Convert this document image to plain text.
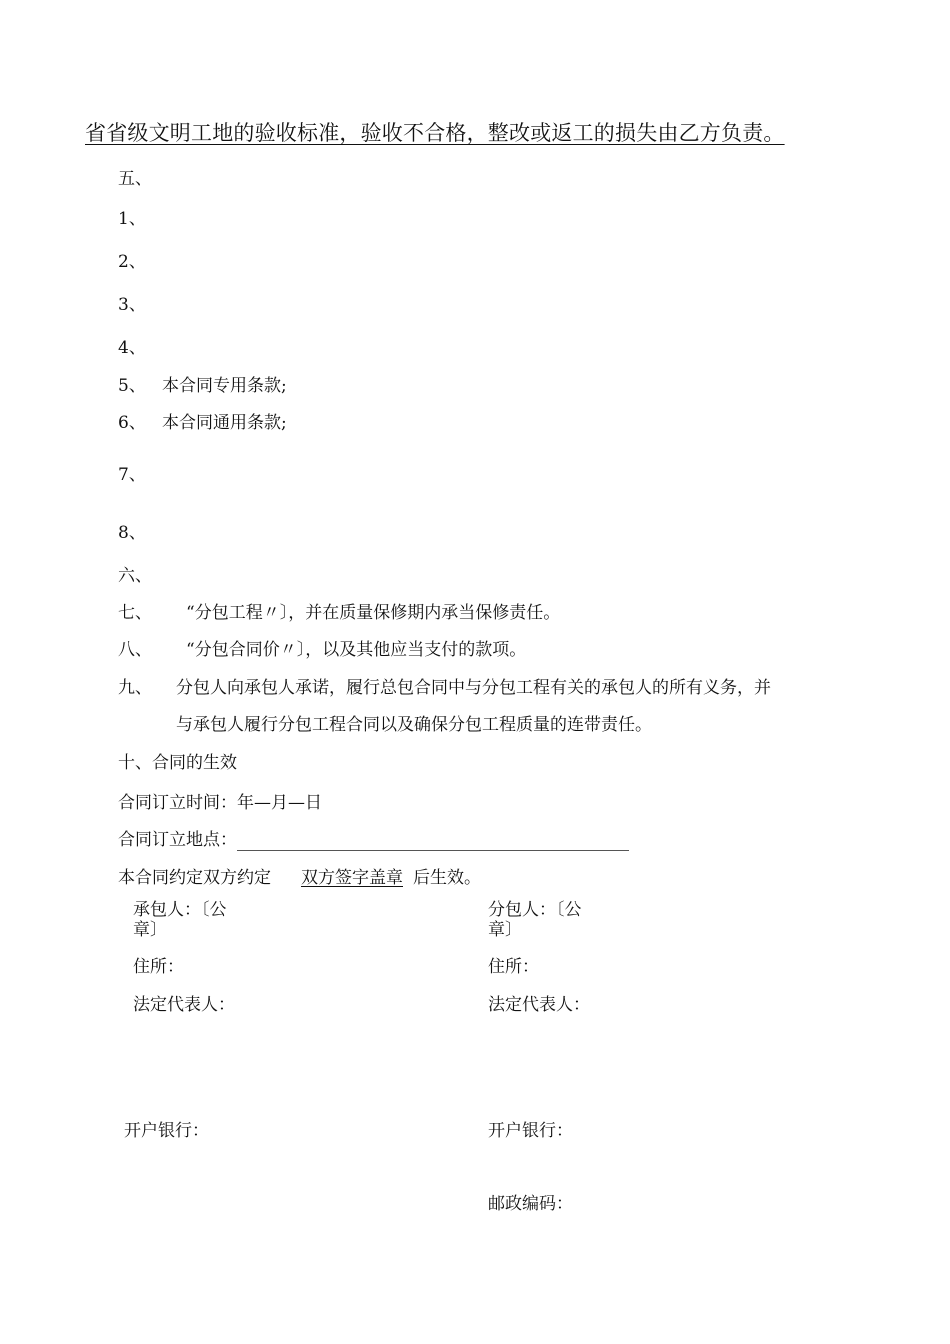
省省级文明工地的验收标准，验收不合格，整改或返工的损失由乙方负责。
五、
1、
2、
3、
4、
5、 本合同专用条款;
6、 本合同通用条款;
7、
8、
六、
七、 “分包工程〃〕，并在质量保修期内承当保修责任。
八、 “分包合同价〃〕，以及其他应当支付的款项。
九、 分包人向承包人承诺，履行总包合同中与分包工程有关的承包人的所有义务，并
与承包人履行分包工程合同以及确保分包工程质量的连带责任。
十、合同的生效
合同订立时间：年—月—日
合同订立地点：
本合同约定双方约定 双方签字盖章 后生效。
承包人：〔公
章〕
住所：
法定代表人：
开户银行：
分包人：〔公
章〕
住所：
法定代表人：
开户银行：
邮政编码：
